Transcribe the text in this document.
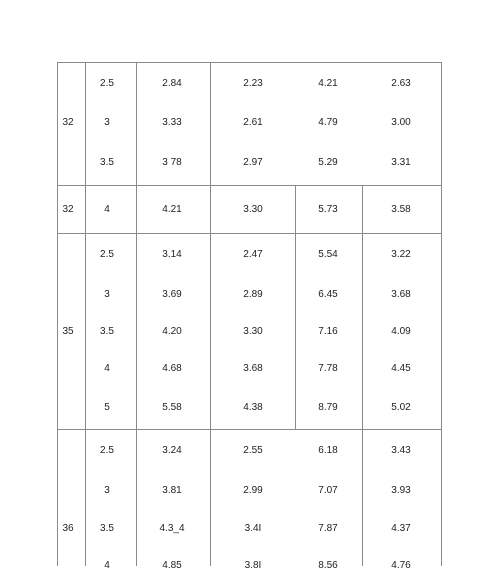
32
2.5	2.84	2.23	4.21	2.63
3	3.33	2.61	4.79	3.00
3.5	3 78	2.97	5.29	3.31
32	4	4.21	3.30	5.73	3.58
35
2.5	3.14	2.47	5.54	3.22
3	3.69	2.89	6.45	3.68
3.5	4.20	3.30	7.16	4.09
4	4.68	3.68	7.78	4.45
5	5.58	4.38	8.79	5.02
36
2.5	3.24	2.55	6.18	3.43
3	3.81	2.99	7.07	3.93
3.5	4.3_4	3.4I	7.87	4.37
4	4.85	3.8I	8.56	4.76
